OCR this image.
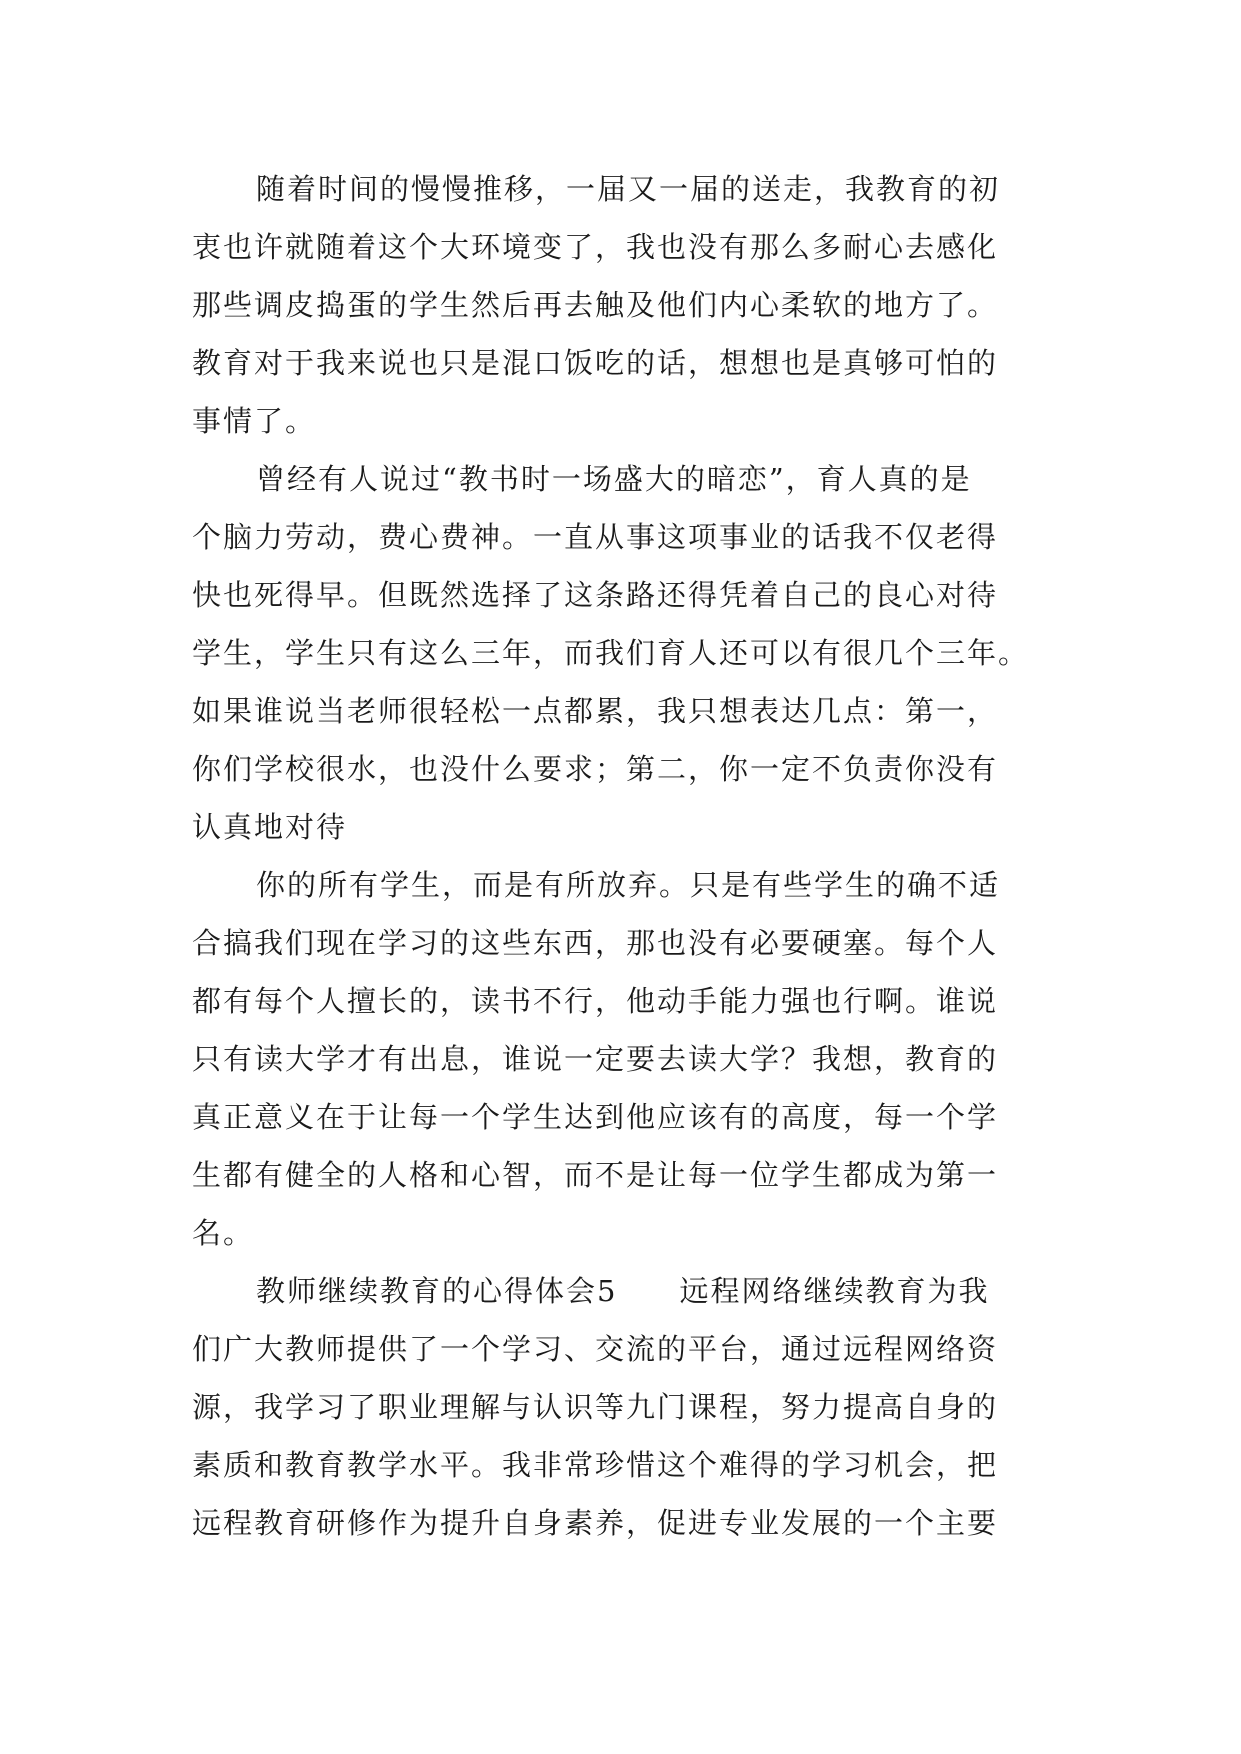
随着时间的慢慢推移，一届又一届的送走，我教育的初
衷也许就随着这个大环境变了，我也没有那么多耐心去感化
那些调皮捣蛋的学生然后再去触及他们内心柔软的地方了。
教育对于我来说也只是混口饭吃的话，想想也是真够可怕的
事情了。

曾经有人说过“教书时一场盛大的暗恋”，育人真的是
个脑力劳动，费心费神。一直从事这项事业的话我不仅老得
快也死得早。但既然选择了这条路还得凭着自己的良心对待
学生，学生只有这么三年，而我们育人还可以有很几个三年。
如果谁说当老师很轻松一点都累，我只想表达几点：第一，
你们学校很水，也没什么要求；第二，你一定不负责你没有
认真地对待

你的所有学生，而是有所放弃。只是有些学生的确不适
合搞我们现在学习的这些东西，那也没有必要硬塞。每个人
都有每个人擅长的，读书不行，他动手能力强也行啊。谁说
只有读大学才有出息，谁说一定要去读大学？我想，教育的
真正意义在于让每一个学生达到他应该有的高度，每一个学
生都有健全的人格和心智，而不是让每一位学生都成为第一
名。

教师继续教育的心得体会5　　远程网络继续教育为我
们广大教师提供了一个学习、交流的平台，通过远程网络资
源，我学习了职业理解与认识等九门课程，努力提高自身的
素质和教育教学水平。我非常珍惜这个难得的学习机会，把
远程教育研修作为提升自身素养，促进专业发展的一个主要
